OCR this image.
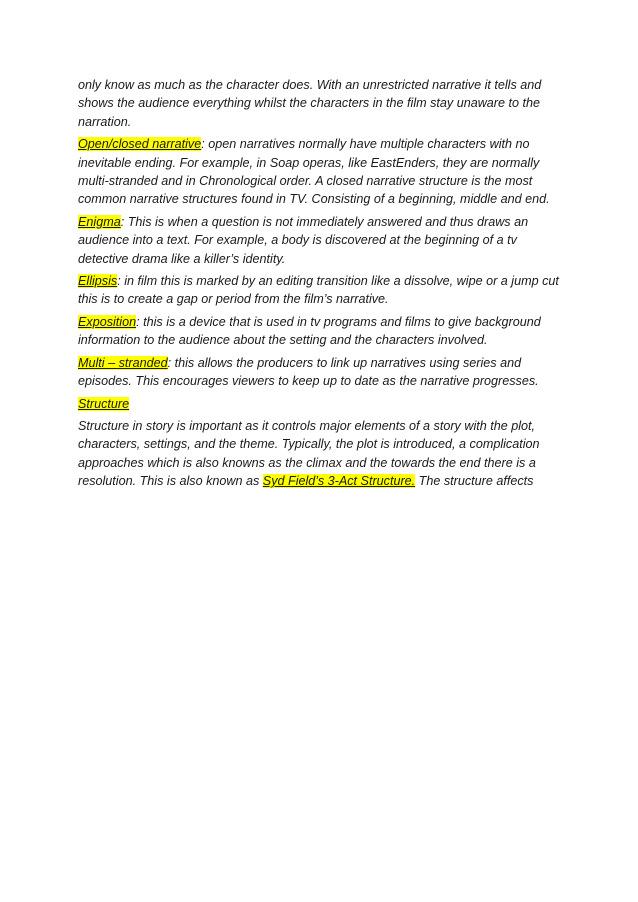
only know as much as the character does. With an unrestricted narrative it tells and shows the audience everything whilst the characters in the film stay unaware to the narration.

Open/closed narrative: open narratives normally have multiple characters with no inevitable ending. For example, in Soap operas, like EastEnders, they are normally multi-stranded and in Chronological order. A closed narrative structure is the most common narrative structures found in TV. Consisting of a beginning, middle and end.

Enigma: This is when a question is not immediately answered and thus draws an audience into a text. For example, a body is discovered at the beginning of a tv detective drama like a killer’s identity.

Ellipsis: in film this is marked by an editing transition like a dissolve, wipe or a jump cut this is to create a gap or period from the film’s narrative.

Exposition: this is a device that is used in tv programs and films to give background information to the audience about the setting and the characters involved.

Multi – stranded: this allows the producers to link up narratives using series and episodes. This encourages viewers to keep up to date as the narrative progresses.

Structure

Structure in story is important as it controls major elements of a story with the plot, characters, settings, and the theme. Typically, the plot is introduced, a complication approaches which is also knowns as the climax and the towards the end there is a resolution. This is also known as Syd Field’s 3-Act Structure. The structure affects
